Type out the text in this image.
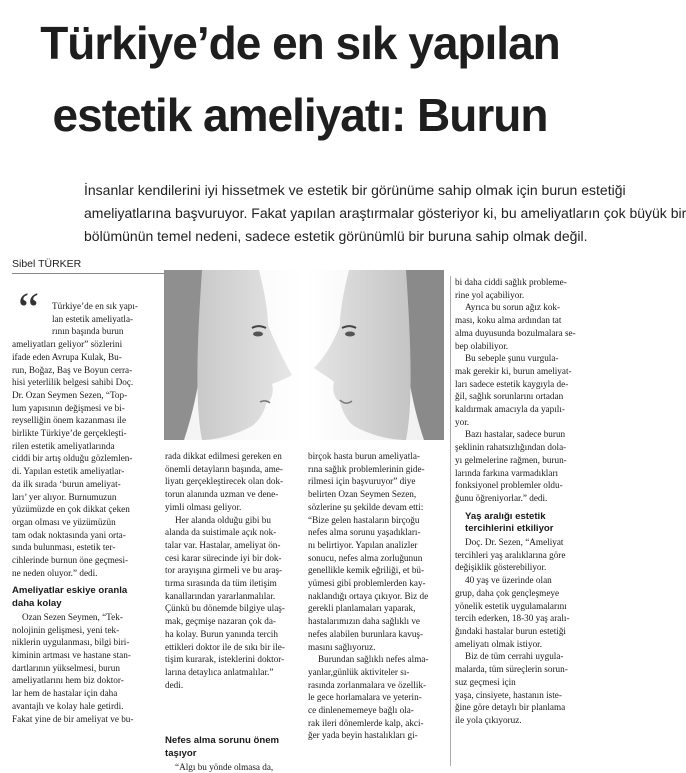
Türkiye’de en sık yapılan
estetik ameliyatı: Burun

İnsanlar kendilerini iyi hissetmek ve estetik bir görünüme sahip olmak için burun estetiği
ameliyatlarına başvuruyor. Fakat yapılan araştırmalar gösteriyor ki, bu ameliyatların çok büyük bir
bölümünün temel nedeni, sadece estetik görünümlü bir buruna sahip olmak değil.

Sibel TÜRKER

“	Türkiye’de en sık yapı-
lan estetik ameliyatla-
rının başında burun
ameliyatları geliyor” sözlerini
ifade eden Avrupa Kulak, Bu-
run, Boğaz, Baş ve Boyun cerra-
hisi yeterlilik belgesi sahibi Doç.
Dr. Ozan Seymen Sezen, “Top-
lum yapısının değişmesi ve bi-
reyselliğin önem kazanması ile
birlikte Türkiye’de gerçekleşti-
rilen estetik ameliyatlarında
ciddi bir artış olduğu gözlemlen-
di. Yapılan estetik ameliyatlar-
da ilk sırada ‘burun ameliyat-
ları’ yer alıyor. Burnumuzun
yüzümüzde en çok dikkat çeken
organ olması ve yüzümüzün
tam odak noktasında yani orta-
sında bulunması, estetik ter-
cihlerinde burnun öne geçmesi-
ne neden oluyor.” dedi.
Ameliyatlar eskiye oranla
daha kolay
Ozan Sezen Seymen, “Tek-
nolojinin gelişmesi, yeni tek-
niklerin uygulanması, bilgi biri-
kiminin artması ve hastane stan-
dartlarının yükselmesi, burun
ameliyatlarını hem biz doktor-
lar hem de hastalar için daha
avantajlı ve kolay hale getirdi.
Fakat yine de bir ameliyat ve bu-
rada dikkat edilmesi gereken en
önemli detayların başında, ame-
liyatı gerçekleştirecek olan dok-
torun alanında uzman ve dene-
yimli olması geliyor.
Her alanda olduğu gibi bu
alanda da suistimale açık nok-
talar var. Hastalar, ameliyat ön-
cesi karar sürecinde iyi bir dok-
tor arayışına girmeli ve bu araş-
tırma sırasında da tüm iletişim
kanallarından yararlanmalılar.
Çünkü bu dönemde bilgiye ulaş-
mak, geçmişe nazaran çok da-
ha kolay. Burun yanında tercih
ettikleri doktor ile de sıkı bir ile-
tişim kurarak, isteklerini doktor-
larına detaylıca anlatmalılar.”
dedi.
Nefes alma sorunu önem
taşıyor
“Algı bu yönde olmasa da,
birçok hasta burun ameliyatla-
rına sağlık problemlerinin gide-
rilmesi için başvuruyor” diye
belirten Ozan Seymen Sezen,
sözlerine şu şekilde devam etti:
“Bize gelen hastaların birçoğu
nefes alma sorunu yaşadıkları-
nı belirtiyor. Yapılan analizler
sonucu, nefes alma zorluğunun
genellikle kemik eğriliği, et bü-
yümesi gibi problemlerden kay-
naklandığı ortaya çıkıyor. Biz de
gerekli planlamaları yaparak,
hastalarımızın daha sağlıklı ve
nefes alabilen burunlara kavuş-
masını sağlıyoruz.
Burundan sağlıklı nefes alma-
yanlar,günlük aktiviteler sı-
rasında zorlanmalara ve özellik-
le gece horlamalara ve yeterin-
ce dinlenememeye bağlı ola-
rak ileri dönemlerde kalp, akci-
ğer yada beyin hastalıkları gi-
bi daha ciddi sağlık probleme-
rine yol açabiliyor.
Ayrıca bu sorun ağız kok-
ması, koku alma ardından tat
alma duyusunda bozulmalara se-
bep olabiliyor.
Bu sebeple şunu vurgula-
mak gerekir ki, burun ameliyat-
ları sadece estetik kaygıyla de-
ğil, sağlık sorunlarını ortadan
kaldırmak amacıyla da yapılı-
yor.
Bazı hastalar, sadece burun
şeklinin rahatsızlığından dola-
yı gelmelerine rağmen, burun-
larında farkına varmadıkları
fonksiyonel problemler oldu-
ğunu öğreniyorlar.” dedi.
Yaş aralığı estetik
tercihlerini etkiliyor
Doç. Dr. Sezen, “Ameliyat
tercihleri yaş aralıklarına göre
değişiklik gösterebiliyor.
40 yaş ve üzerinde olan
grup, daha çok gençleşmeye
yönelik estetik uygulamalarını
tercih ederken, 18-30 yaş aralı-
ğındaki hastalar burun estetiği
ameliyatı olmak istiyor.
Biz de tüm cerrahi uygula-
malarda, tüm süreçlerin sorun-
suz geçmesi için
yaşa, cinsiyete, hastanın iste-
ğine göre detaylı bir planlama
ile yola çıkıyoruz.
